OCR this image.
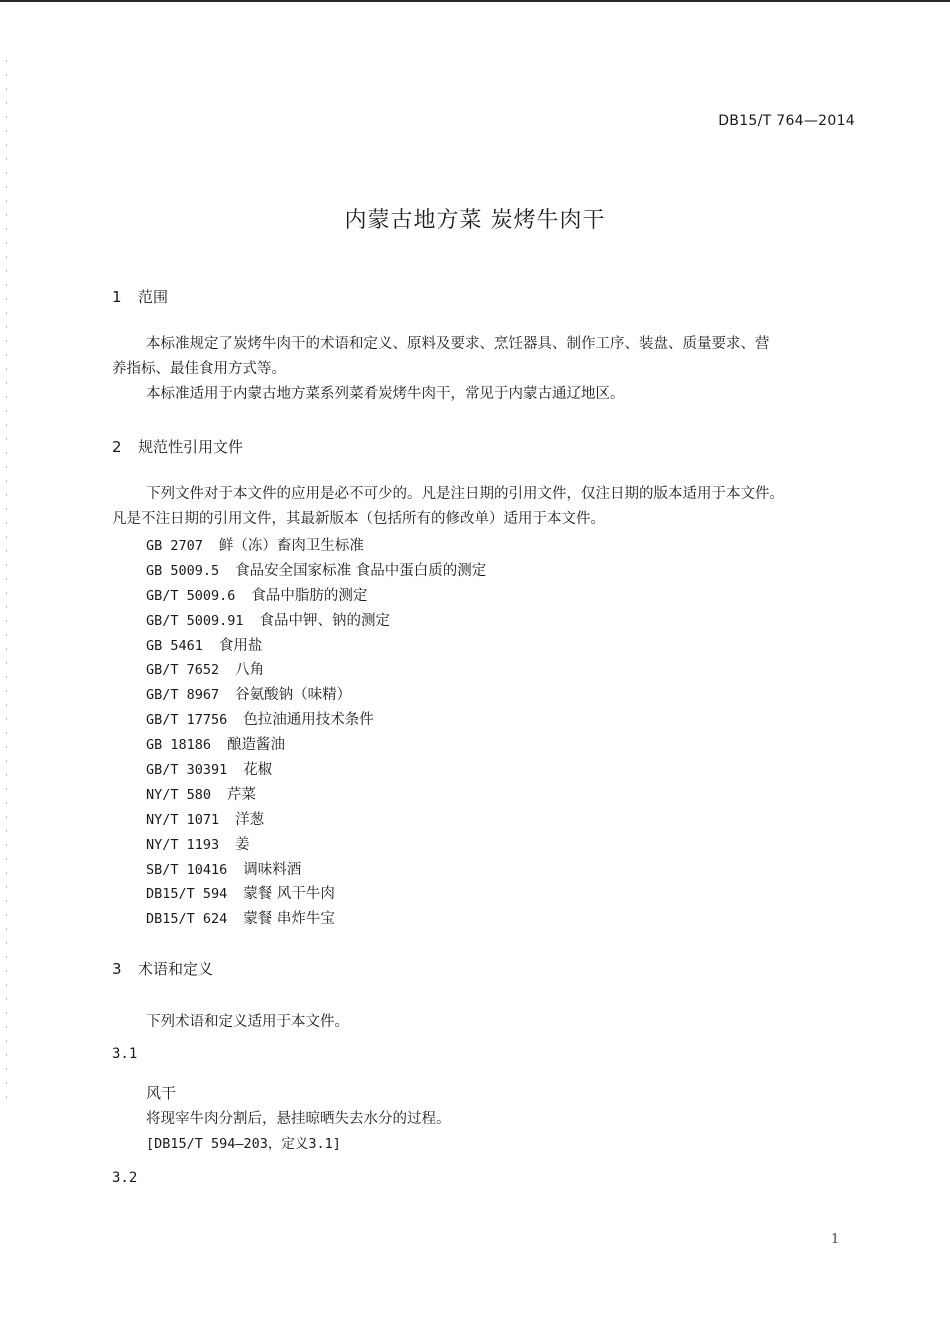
DB15/T 764—2014
内蒙古地方菜 炭烤牛肉干
1 范围
本标准规定了炭烤牛肉干的术语和定义、原料及要求、烹饪器具、制作工序、装盘、质量要求、营
养指标、最佳食用方式等。
本标准适用于内蒙古地方菜系列菜肴炭烤牛肉干，常见于内蒙古通辽地区。
2 规范性引用文件
下列文件对于本文件的应用是必不可少的。凡是注日期的引用文件，仅注日期的版本适用于本文件。
凡是不注日期的引用文件，其最新版本（包括所有的修改单）适用于本文件。
GB 2707 鲜（冻）畜肉卫生标准
GB 5009.5 食品安全国家标准 食品中蛋白质的测定
GB/T 5009.6 食品中脂肪的测定
GB/T 5009.91 食品中钾、钠的测定
GB 5461 食用盐
GB/T 7652 八角
GB/T 8967 谷氨酸钠（味精）
GB/T 17756 色拉油通用技术条件
GB 18186 酿造酱油
GB/T 30391 花椒
NY/T 580 芹菜
NY/T 1071 洋葱
NY/T 1193 姜
SB/T 10416 调味料酒
DB15/T 594 蒙餐 风干牛肉
DB15/T 624 蒙餐 串炸牛宝
3 术语和定义
下列术语和定义适用于本文件。
3.1
风干
将现宰牛肉分割后，悬挂晾晒失去水分的过程。
[DB15/T 594—203，定义3.1]
3.2
1
